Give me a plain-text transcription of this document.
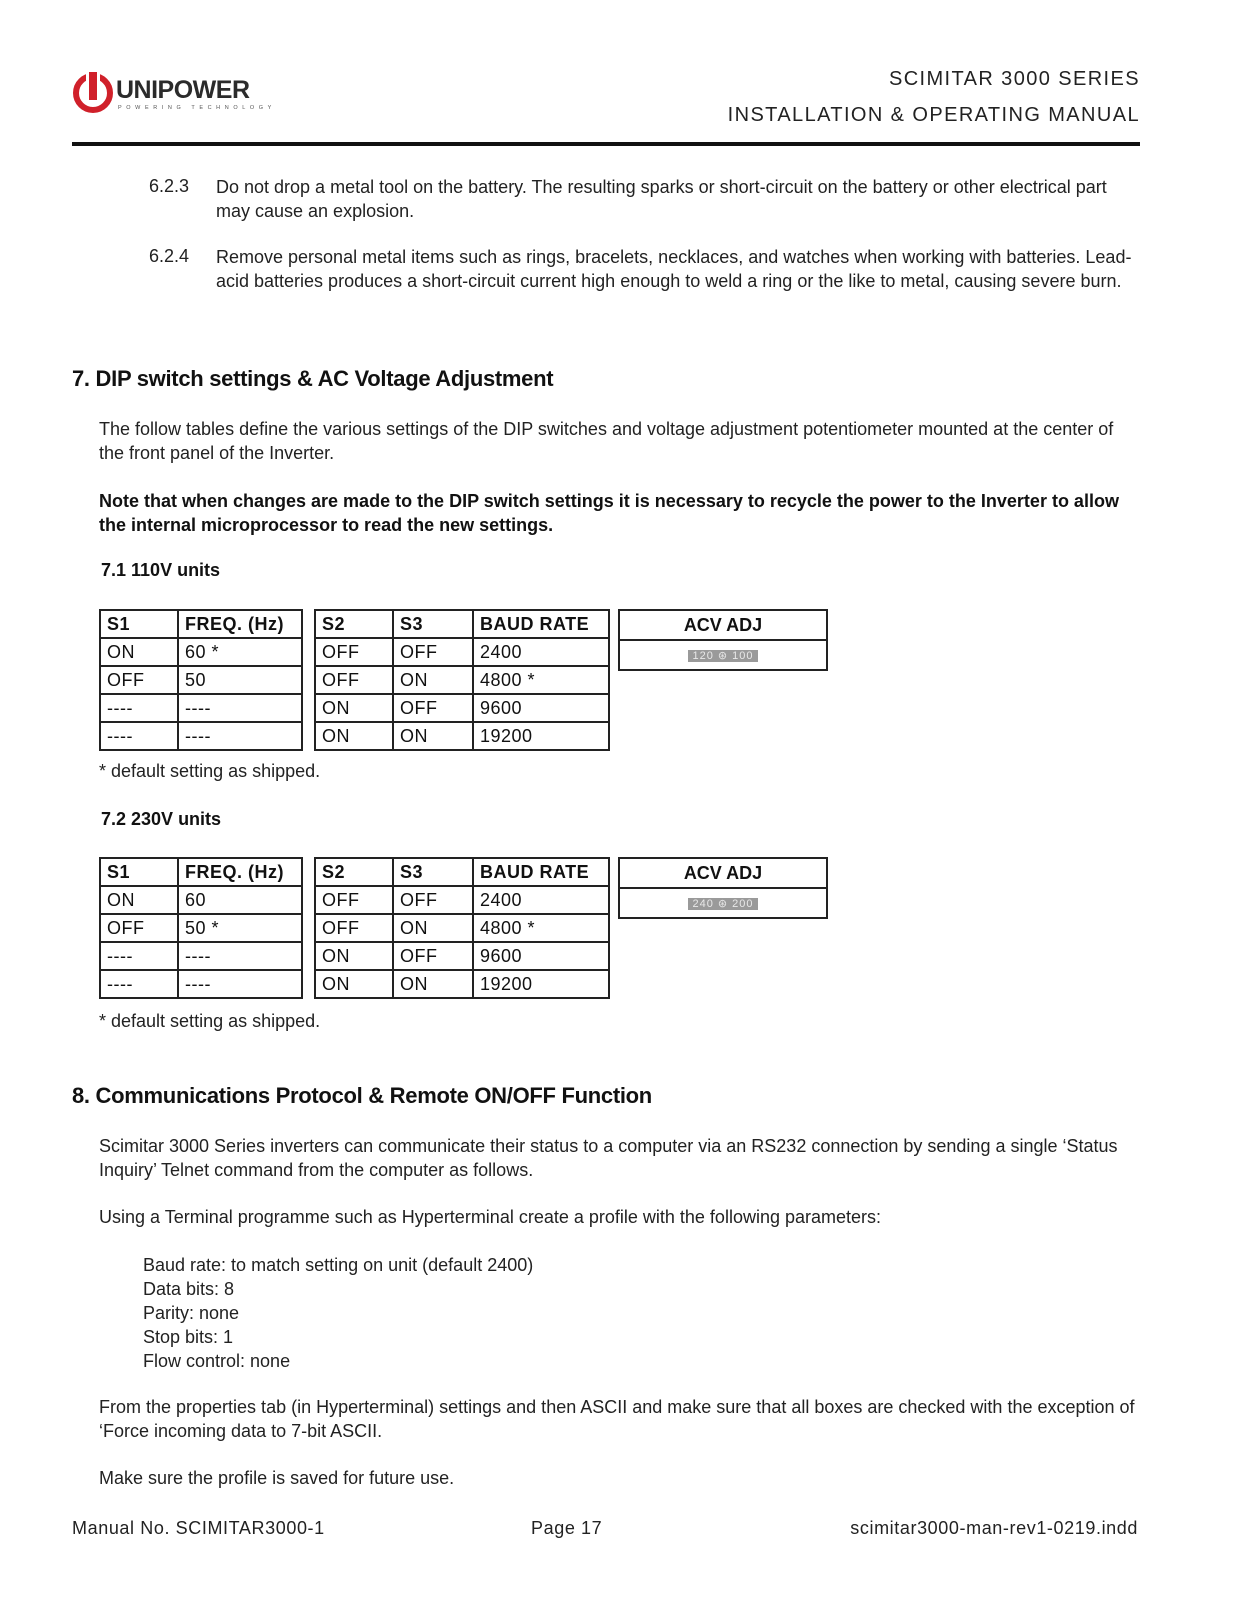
UNIPOWER
POWERING TECHNOLOGY
SCIMITAR 3000 SERIES
INSTALLATION & OPERATING MANUAL
6.2.3 Do not drop a metal tool on the battery. The resulting sparks or short-circuit on the battery or other electrical part may cause an explosion.
6.2.4 Remove personal metal items such as rings, bracelets, necklaces, and watches when working with batteries. Lead-acid batteries produces a short-circuit current high enough to weld a ring or the like to metal, causing severe burn.
7. DIP switch settings & AC Voltage Adjustment
The follow tables define the various settings of the DIP switches and voltage adjustment potentiometer mounted at the center of the front panel of the Inverter.
Note that when changes are made to the DIP switch settings it is necessary to recycle the power to the Inverter to allow the internal microprocessor to read the new settings.
7.1 110V units
S1	FREQ. (Hz)
ON	60 *
OFF	50
----	----
----	----
S2	S3	BAUD RATE
OFF	OFF	2400
OFF	ON	4800 *
ON	OFF	9600
ON	ON	19200
ACV ADJ
120 ⊛ 100
* default setting as shipped.
7.2 230V units
S1	FREQ. (Hz)
ON	60
OFF	50 *
----	----
----	----
S2	S3	BAUD RATE
OFF	OFF	2400
OFF	ON	4800 *
ON	OFF	9600
ON	ON	19200
ACV ADJ
240 ⊛ 200
* default setting as shipped.
8. Communications Protocol & Remote ON/OFF Function
Scimitar 3000 Series inverters can communicate their status to a computer via an RS232 connection by sending a single ‘Status Inquiry’ Telnet command from the computer as follows.
Using a Terminal programme such as Hyperterminal create a profile with the following parameters:
Baud rate: to match setting on unit (default 2400)
Data bits: 8
Parity: none
Stop bits: 1
Flow control: none
From the properties tab (in Hyperterminal) settings and then ASCII and make sure that all boxes are checked with the exception of ‘Force incoming data to 7-bit ASCII.
Make sure the profile is saved for future use.
Manual No. SCIMITAR3000-1	Page 17	scimitar3000-man-rev1-0219.indd
